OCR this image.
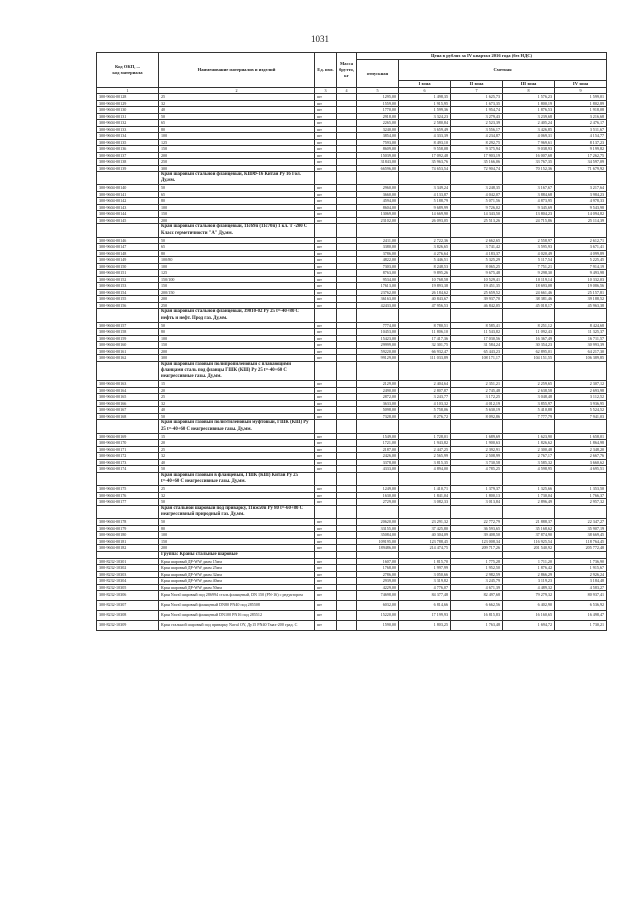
1031
Код ОКП, ...
код материала	Наименование материалов и изделий	Ед. изм.	Масса брутто, кг	Цена в рублях за IV квартал 2016 года (без НДС)				
				отпускная	Сметная			
					I зона	II зона	III зона	IV зона
1	2	3	4	5	6	7	8	9
300-9604-00128	25	шт		1295,00	1 498,35	1 625,73	1 576,23	1 599,01
300-9604-00129	32	шт		1559,00	1 915,95	1 673,35	1 800,19	1 802,89
300-9604-00130	40	шт		1770,00	1 599,36	1 954,74	1 876,53	1 918,08
300-9604-00131	50	шт		2918,00	3 324,23	3 279,43	3 239,68	3 216,68
300-9604-00132	65	шт		2265,00	2 580,84	2 523,39	2 405,24	2 476,17
300-9604-00133	80	шт		3240,00	3 659,49	3 556,17	3 426,85	3 511,67
300-9604-00134	100	шт		3854,00	4 333,39	4 234,87	4 069,31	4 154,77
300-9604-00135	125	шт		7593,00	8 493,10	8 292,75	7 969,61	8 137,23
300-9604-00136	150	шт		8609,00	9 558,08	9 375,94	9 038,93	9 199,82
300-9604-00137	200	шт		15039,00	17 092,48	17 903,19	16 007,68	17 262,75
300-9604-00138	250	шт		31843,00	35 963,76	35 166,06	33 767,35	34 597,09
300-9604-00139	300	шт		66596,00	74 653,54	72 904,74	70 152,36	71 679,92
	Кран шаровый стальной фланцевый, КШФ-16 Китай Ру 16 Гол. Ду,мм.							
300-9604-00140	50	шт		2960,00	3 349,24	3 248,35	3 167,67	3 217,64
300-9604-00141	65	шт		3660,00	4 133,87	4 042,07	3 884,68	3 984,23
300-9604-00142	80	шт		4594,00	5 188,79	5 071,56	4 873,95	4 978,33
300-9604-00143	100	шт		8604,00	9 689,99	9 726,02	9 345,69	9 543,98
300-9604-00144	150	шт		13069,00	14 669,90	14 343,50	13 804,23	14 094,82
300-9604-00145	200	шт		23102,00	26 093,05	25 513,26	24 715,86	25 114,39
	Кран шаровый стальной фланцевый, 11с69п (11с70п) 1 кл. Т -200 С Класс герметичности "А" Ду,мм.							
300-9604-00146	50	шт		2411,00	2 722,36	2 662,65	2 558,97	2 612,71
300-9604-00147	65	шт		3380,00	3 826,65	3 741,42	3 595,93	3 671,41
300-9604-00148	80	шт		3786,00	4 276,64	4 183,37	4 020,49	4 099,89
300-9604-00149	100/80	шт		4822,00	5 446,51	5 325,29	5 117,54	5 225,45
300-9604-00150	100	шт		7303,00	8 248,53	8 065,25	7 751,21	7 914,19
300-9604-00151	125	шт		8763,00	9 895,26	9 675,48	9 298,30	9 493,98
300-9604-00152	150/100	шт		9534,00	10 768,58	10 529,41	10 119,14	10 332,03
300-9604-00153	150	шт		17613,00	19 893,38	19 451,35	18 693,08	19 086,56
300-9604-00154	200/150	шт		23762,00	26 184,62	25 659,52	24 661,46	25 157,81
300-9604-00155	200	шт		36163,00	40 843,67	39 937,70	38 381,46	39 188,52
300-9604-00156	250	шт		42433,00	47 956,53	46 842,05	45 018,17	45 963,38
	Кран шаровый стальной фланцевый, 39010-02 Ру 25 t=-40+80 С нефть и нефт. Прод газ. Ду,мм.							
300-9604-00157	50	шт		7774,00	8 780,51	8 585,41	8 251,12	8 424,68
300-9604-00158	80	шт		10453,00	11 806,10	11 543,82	11 092,43	11 325,37
300-9604-00159	100	шт		15423,00	17 417,36	17 030,56	16 367,49	16 711,57
300-9604-00160	150	шт		29999,00	32 301,75	31 584,24	30 354,23	30 993,39
300-9604-00161	200	шт		59220,00	66 932,47	65 443,23	62 895,01	64 217,30
300-9604-00162	300	шт		99129,00	111 033,89	108 171,17	104 151,55	106 389,85
	Кран шаровый газовый полипропиленовый с плавающими фланцами сталь под фланцы ГШК (КШ) Ру 25 t=-40+60 С неагрессивные газы. Ду,мм.							
300-9604-00163	15	шт		2129,00	2 404,64	2 351,21	2 259,65	2 307,12
300-9604-00164	20	шт		2490,00	2 807,87	2 745,48	2 638,58	2 693,98
300-9604-00165	25	шт		2872,00	3 243,77	3 172,25	3 048,48	3 112,52
300-9604-00166	32	шт		3633,00	4 103,32	4 012,19	3 855,97	3 936,95
300-9604-00167	40	шт		5098,00	5 758,06	5 630,19	5 410,88	5 524,52
300-9604-00168	50	шт		7328,00	8 276,72	8 092,86	7 777,79	7 941,03
	Кран шаровый газовый полиэтиленовый муфтовый, ГШК (КШ) Ру 25 t=-40+60 С неагрессивные газы. Ду,мм.							
300-9604-00169	15	шт		1549,00	1 728,01	1 689,69	1 623,90	1 658,01
300-9604-00170	20	шт		1721,00	1 943,82	1 900,63	1 826,62	1 864,98
300-9604-00171	25	шт		2187,00	2 447,25	2 392,91	2 300,48	2 348,20
300-9604-00172	32	шт		2426,00	2 565,99	2 508,99	2 767,17	2 667,76
300-9604-00173	40	шт		3378,00	3 815,35	3 730,58	3 585,32	3 660,62
300-9604-00174	50	шт		4333,00	4 894,00	4 785,25	4 598,95	4 695,51
	Кран шаровый газовый в фланцевый, ГШК (КШ) Китай Ру 25 t=-40+60 С неагрессивные газы. Ду,мм.							
300-9604-00175	25	шт		1249,00	1 410,71	1 379,37	1 325,66	1 353,50
300-9604-00176	32	шт		1630,00	1 841,04	1 800,13	1 730,04	1 766,37
300-9604-00177	50	шт		2729,00	3 082,33	3 013,84	2 896,49	2 957,32
	Кран стальной шаровый под приварку, 11нж50п Ру 80 t=-60+80 С неагрессивный природный газ. Ду,мм.							
300-9604-00178	50	шт		20620,00	23 291,32	22 772,79	21 888,37	22 347,27
300-9604-00179	80	шт		33155,00	37 425,80	36 593,65	35 168,62	35 907,19
300-9604-00180	100	шт		35084,00	40 304,09	39 408,50	37 874,90	38 669,45
300-9604-00181	150	шт		109195,00	123 788,45	123 008,34	116 925,54	118 764,45
300-9604-00182	200	шт		189486,00	214 474,75	209 717,26	201 540,92	205 772,48
	Группа: Краны стальные шаровые							
300-8232-10301	Кран шаровый ДР-WW диам 15мм	шт		1607,00	1 815,70	1 775,28	1 711,20	1 736,90
300-8232-10302	Кран шаровый ДР-WW диам 25мм	шт		1768,00	1 997,99	1 952,50	1 876,42	1 915,67
300-8232-10303	Кран шаровый ДР-WW диам 32мм	шт		2786,00	3 050,66	2 982,59	2 866,29	2 926,24
300-8232-10304	Кран шаровый ДР-WW диам 40мм	шт		2939,00	3 319,82	3 245,79	3 119,23	3 184,48
300-8232-10305	Кран шаровый ДР-WW диам 50мм	шт		4229,00	4 776,07	4 671,39	4 489,32	4 583,27
300-8232-10306	Кран Naval шаровый под 286994 сталь фланцевый, DN 150 (PN-16) с редуктором	шт		74698,00	84 377,48	82 497,68	79 279,32	80 937,41
300-8232-10307	Кран Naval шаровый фланцевый DN80 PN40 под 285508	шт		6032,00	6 814,66	6 662,56	6 402,90	6 536,92
300-8232-10308	Кран Naval шаровый фланцевый DN100 PN16 под 285512	шт		15220,00	17 199,93	16 815,83	16 160,65	16 498,47
300-8232-10309	Кран стальной шаровый под приварку Naval OY, Ду15 PN40 Тмах-200 град. С	шт		1590,00	1 803,25	1 763,48	1 694,72	1 730,21
